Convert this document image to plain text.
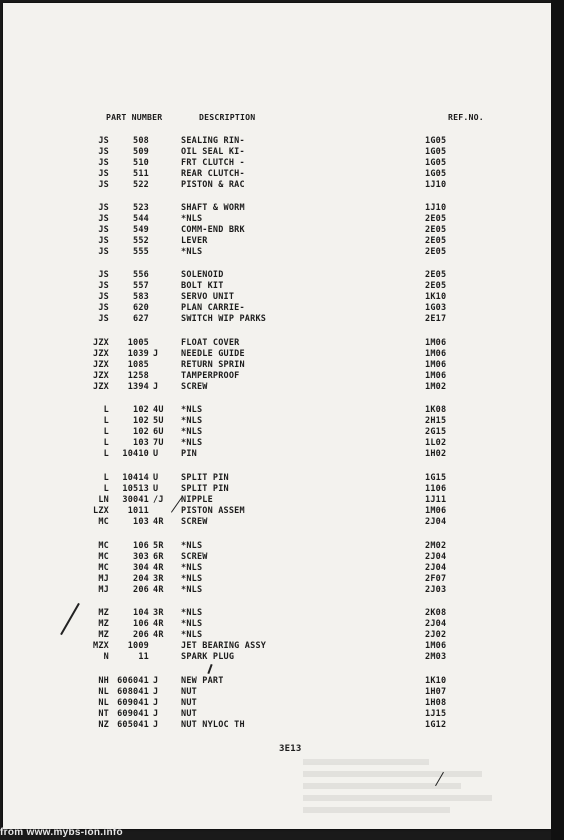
PART NUMBER	DESCRIPTION	REF.NO.
JS	508	SEALING RIN-	1G05
JS	509	OIL SEAL KI-	1G05
JS	510	FRT CLUTCH -	1G05
JS	511	REAR CLUTCH-	1G05
JS	522	PISTON & RAC	1J10
JS	523	SHAFT & WORM	1J10
JS	544	*NLS	2E05
JS	549	COMM-END BRK	2E05
JS	552	LEVER	2E05
JS	555	*NLS	2E05
JS	556	SOLENOID	2E05
JS	557	BOLT KIT	2E05
JS	583	SERVO UNIT	1K10
JS	620	PLAN CARRIE-	1G03
JS	627	SWITCH WIP PARKS	2E17
JZX	1005	FLOAT COVER	1M06
JZX	1039 J	NEEDLE GUIDE	1M06
JZX	1085	RETURN SPRIN	1M06
JZX	1258	TAMPERPROOF	1M06
JZX	1394 J	SCREW	1M02
L	102 4U	*NLS	1K08
L	102 5U	*NLS	2H15
L	102 6U	*NLS	2G15
L	103 7U	*NLS	1L02
L	10410 U	PIN	1H02
L	10414 U	SPLIT PIN	1G15
L	10513 U	SPLIT PIN	1106
LN	30041 /J	NIPPLE	1J11
LZX	1011	PISTON ASSEM	1M06
MC	103 4R	SCREW	2J04
MC	106 5R	*NLS	2M02
MC	303 6R	SCREW	2J04
MC	304 4R	*NLS	2J04
MJ	204 3R	*NLS	2F07
MJ	206 4R	*NLS	2J03
MZ	104 3R	*NLS	2K08
MZ	106 4R	*NLS	2J04
MZ	206 4R	*NLS	2J02
MZX	1009	JET BEARING ASSY	1M06
N	11	SPARK PLUG	2M03
NH 606041 J	NEW PART	1K10
NL 608041 J	NUT	1H07
NL 609041 J	NUT	1H08
NT 609041 J	NUT	1J15
NZ 605041 J	NUT NYLOC TH	1G12
3E13
from www.mybs-ion.info
